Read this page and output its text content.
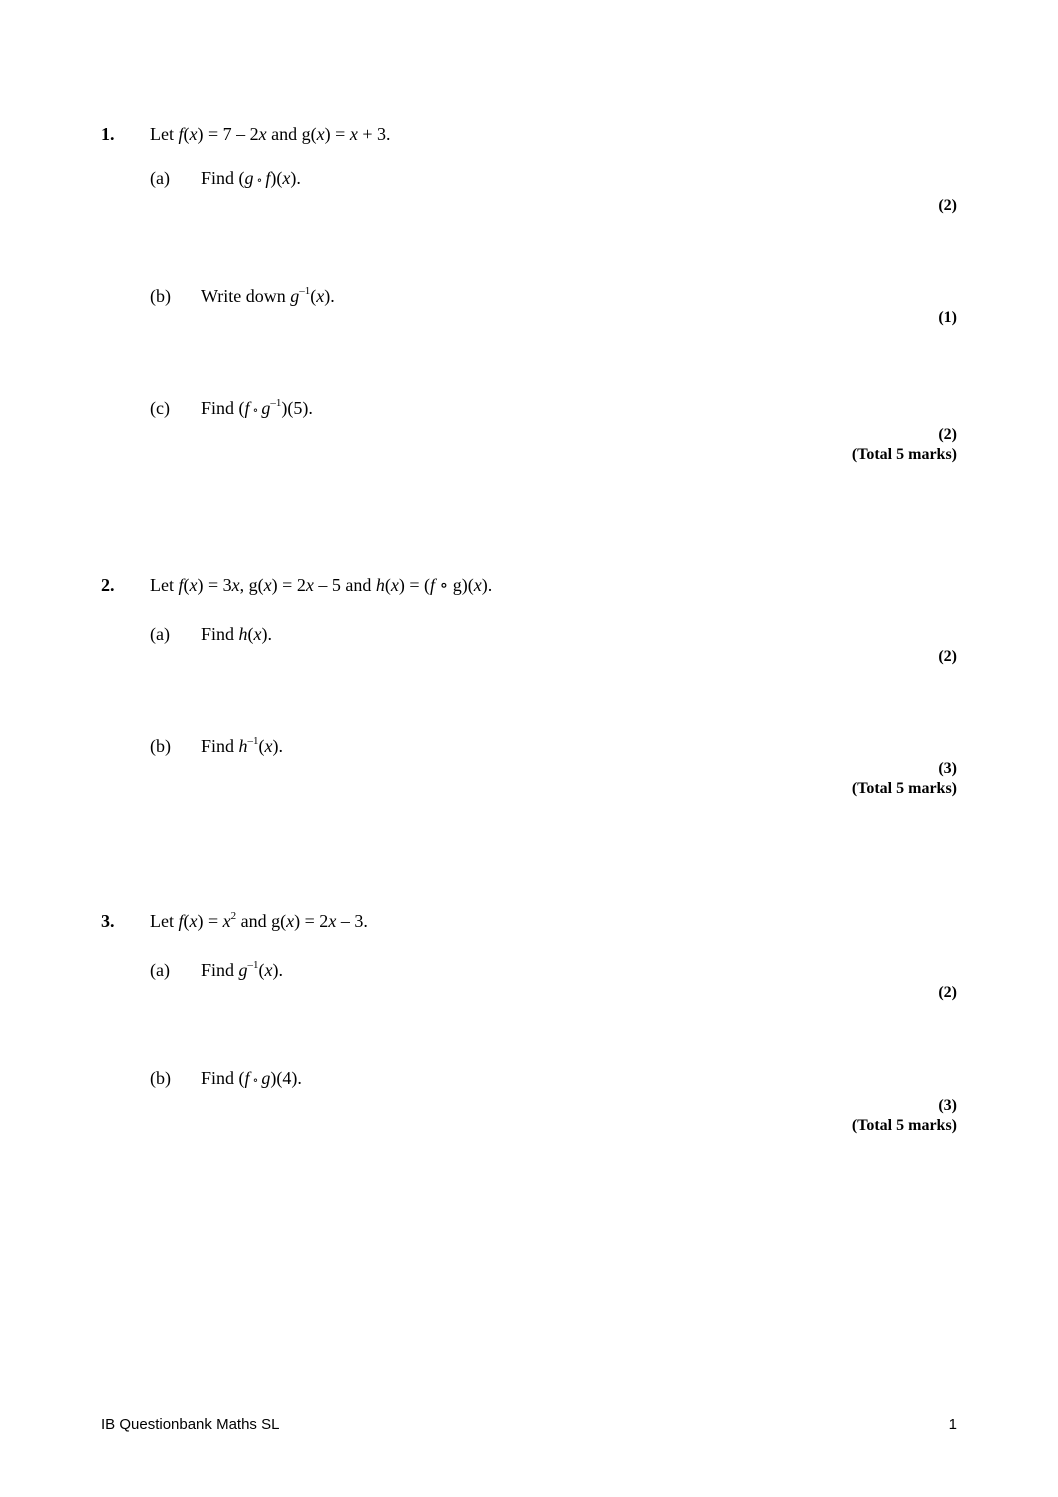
1. Let f(x) = 7 – 2x and g(x) = x + 3.
(a) Find (g ∘ f)(x).
(2)
(b) Write down $g^{-1}(x)$.
(1)
(c) Find (f ∘ $g^{-1})(5)$.
(2)
(Total 5 marks)
2. Let f(x) = 3x, g(x) = 2x – 5 and h(x) = (f ∘ g)(x).
(a) Find h(x).
(2)
(b) Find $h^{-1}(x)$.
(3)
(Total 5 marks)
3. Let $f(x) = x^2$ and g(x) = 2x – 3.
(a) Find $g^{-1}(x)$.
(2)
(b) Find (f ∘ g)(4).
(3)
(Total 5 marks)
IB Questionbank Maths SL	1
